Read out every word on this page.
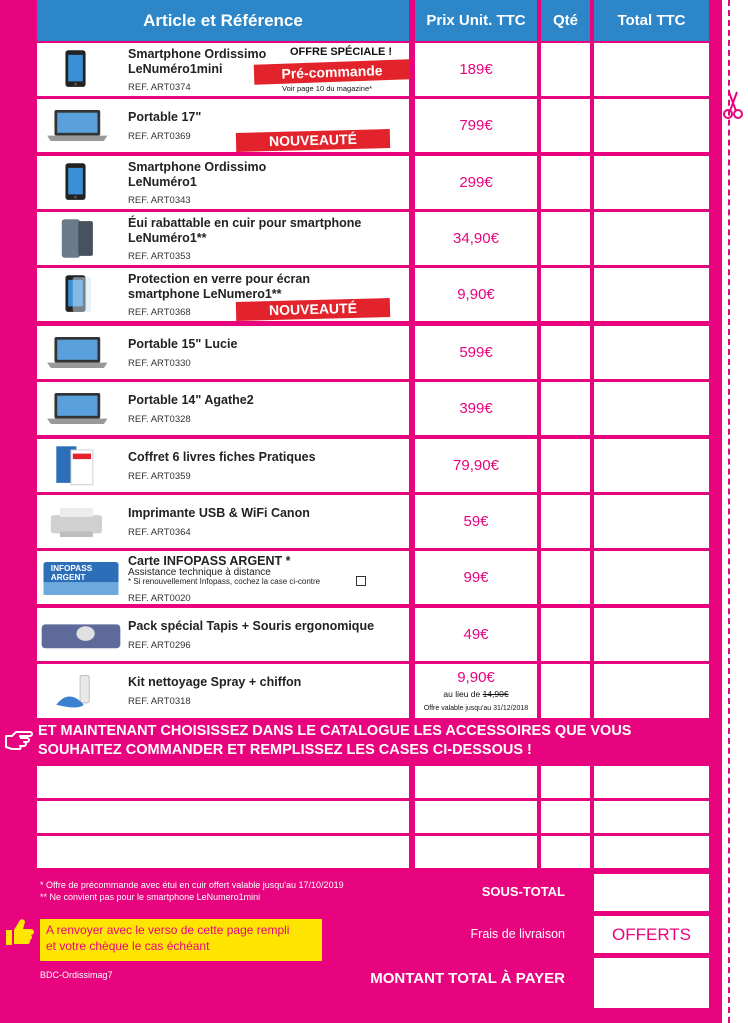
Article et Référence	Prix Unit. TTC	Qté	Total TTC
Smartphone Ordissimo
LeNuméro1mini
REF. ART0374
189€
Portable 17"
REF. ART0369
799€
Smartphone Ordissimo
LeNuméro1
REF. ART0343
299€
Éui rabattable en cuir pour smartphone
LeNuméro1**
REF. ART0353
34,90€
Protection en verre pour écran
smartphone LeNumero1**
REF. ART0368
9,90€
Portable 15" Lucie
REF. ART0330
599€
Portable 14" Agathe2
REF. ART0328
399€
Coffret 6 livres fiches Pratiques
REF. ART0359
79,90€
Imprimante USB & WiFi Canon
REF. ART0364
59€
INFOPASS
ARGENT
Carte INFOPASS ARGENT *
Assistance technique à distance
* Si renouvellement Infopass, cochez la case ci-contre
REF. ART0020
99€
Pack spécial Tapis + Souris ergonomique
REF. ART0296
49€
Kit nettoyage Spray + chiffon
REF. ART0318
9,90€
au lieu de 14,90€
Offre valable jusqu'au 31/12/2018
OFFRE SPÉCIALE !
Pré-commande
Voir page 10 du magazine*
NOUVEAUTÉ
NOUVEAUTÉ
ET MAINTENANT CHOISISSEZ DANS LE CATALOGUE LES ACCESSOIRES QUE VOUS
SOUHAITEZ COMMANDER ET REMPLISSEZ LES CASES CI-DESSOUS !
* Offre de précommande avec étui en cuir offert valable jusqu'au 17/10/2019
** Ne convient pas pour le smartphone LeNumero1mini
A renvoyer avec le verso de cette page rempli
et votre chèque le cas échéant
BDC-Ordissimag7
SOUS-TOTAL
Frais de livraison	OFFERTS
MONTANT TOTAL À PAYER
